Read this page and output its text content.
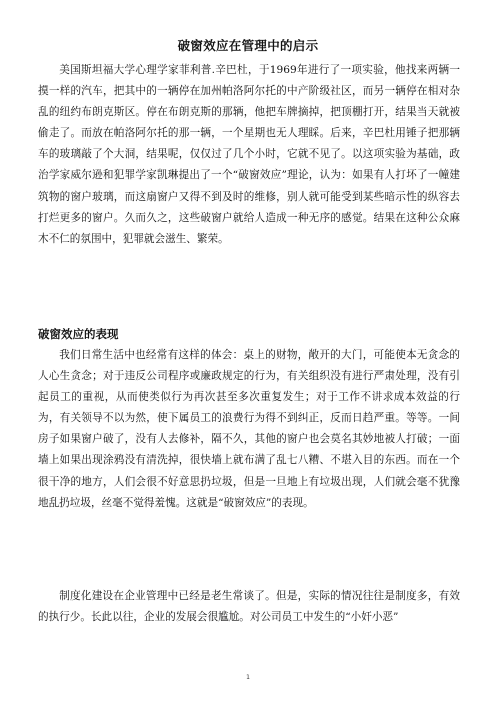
破窗效应在管理中的启示

美国斯坦福大学心理学家菲利普.辛巴杜，于1969年进行了一项实验，他找来两辆一摸一样的汽车，把其中的一辆停在加州帕洛阿尔托的中产阶级社区，而另一辆停在相对杂乱的纽约布朗克斯区。停在布朗克斯的那辆，他把车牌摘掉，把顶棚打开，结果当天就被偷走了。而放在帕洛阿尔托的那一辆，一个星期也无人理睬。后来，辛巴杜用锤子把那辆车的玻璃敲了个大洞，结果呢，仅仅过了几个小时，它就不见了。以这项实验为基础，政治学家威尔逊和犯罪学家凯琳提出了一个“破窗效应”理论，认为：如果有人打坏了一幢建筑物的窗户玻璃，而这扇窗户又得不到及时的维修，别人就可能受到某些暗示性的纵容去打烂更多的窗户。久而久之，这些破窗户就给人造成一种无序的感觉。结果在这种公众麻木不仁的氛围中，犯罪就会滋生、繁荣。

破窗效应的表现

我们日常生活中也经常有这样的体会：桌上的财物，敞开的大门，可能使本无贪念的人心生贪念；对于违反公司程序或廉政规定的行为，有关组织没有进行严肃处理，没有引起员工的重视，从而使类似行为再次甚至多次重复发生；对于工作不讲求成本效益的行为，有关领导不以为然，使下属员工的浪费行为得不到纠正，反而日趋严重。等等。一间房子如果窗户破了，没有人去修补，隔不久，其他的窗户也会莫名其妙地被人打破；一面墙上如果出现涂鸦没有清洗掉，很快墙上就布满了乱七八糟、不堪入目的东西。而在一个很干净的地方，人们会很不好意思扔垃圾，但是一旦地上有垃圾出现，人们就会毫不犹豫地乱扔垃圾，丝毫不觉得羞愧。这就是“破窗效应”的表现。

制度化建设在企业管理中已经是老生常谈了。但是，实际的情况往往是制度多，有效的执行少。长此以往，企业的发展会很尴尬。对公司员工中发生的“小奸小恶”

1
